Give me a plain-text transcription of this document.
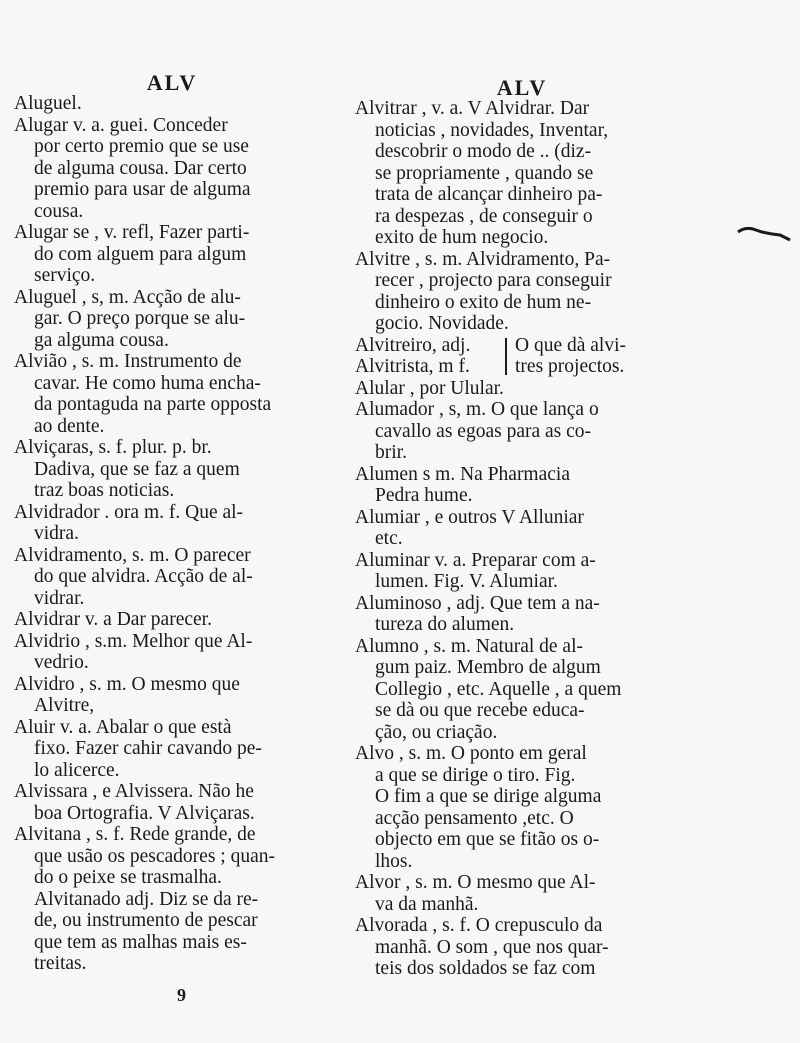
ALV	ALV
Aluguel.
Alugar v. a. guei. Conceder
por certo premio que se use
de alguma cousa. Dar certo
premio para usar de alguma
cousa.
Alugar se , v. refl, Fazer parti-
do com alguem para algum
serviço.
Aluguel , s, m. Acção de alu-
gar. O preço porque se alu-
ga alguma cousa.
Alvião , s. m. Instrumento de
cavar. He como huma encha-
da pontaguda na parte opposta
ao dente.
Alviçaras, s. f. plur. p. br.
Dadiva, que se faz a quem
traz boas noticias.
Alvidrador . ora m. f. Que al-
vidra.
Alvidramento, s. m. O parecer
do que alvidra. Acção de al-
vidrar.
Alvidrar v. a Dar parecer.
Alvidrio , s.m. Melhor que Al-
vedrio.
Alvidro , s. m. O mesmo que
Alvitre,
Aluir v. a. Abalar o que està
fixo. Fazer cahir cavando pe-
lo alicerce.
Alvissara , e Alvissera. Não he
boa Ortografia. V Alviçaras.
Alvitana , s. f. Rede grande, de
que usão os pescadores ; quan-
do o peixe se trasmalha.
Alvitanado adj. Diz se da re-
de, ou instrumento de pescar
que tem as malhas mais es-
treitas.
Alvitrar , v. a. V Alvidrar. Dar
noticias , novidades, Inventar,
descobrir o modo de .. (diz-
se propriamente , quando se
trata de alcançar dinheiro pa-
ra despezas , de conseguir o
exito de hum negocio.
Alvitre , s. m. Alvidramento, Pa-
recer , projecto para conseguir
dinheiro o exito de hum ne-
gocio. Novidade.
Alvitreiro, adj.
Alvitrista, m f.
O que dà alvi-
tres projectos.
Alular , por Ulular.
Alumador , s, m. O que lança o
cavallo as egoas para as co-
brir.
Alumen s m. Na Pharmacia
Pedra hume.
Alumiar , e outros V Alluniar
etc.
Aluminar v. a. Preparar com a-
lumen. Fig. V. Alumiar.
Aluminoso , adj. Que tem a na-
tureza do alumen.
Alumno , s. m. Natural de al-
gum paiz. Membro de algum
Collegio , etc. Aquelle , a quem
se dà ou que recebe educa-
ção, ou criação.
Alvo , s. m. O ponto em geral
a que se dirige o tiro. Fig.
O fim a que se dirige alguma
acção pensamento ,etc. O
objecto em que se fitão os o-
lhos.
Alvor , s. m. O mesmo que Al-
va da manhã.
Alvorada , s. f. O crepusculo da
manhã. O som , que nos quar-
teis dos soldados se faz com
9
